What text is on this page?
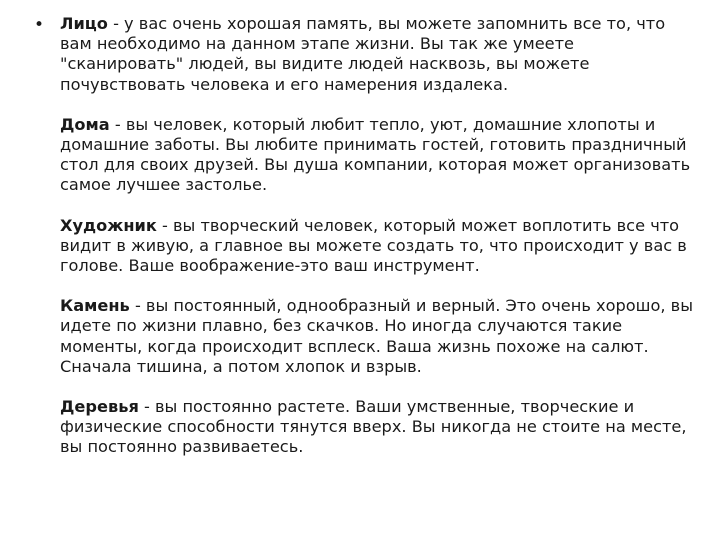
• Лицо - у вас очень хорошая память, вы можете запомнить все то, что вам необходимо на данном этапе жизни. Вы так же умеете "сканировать" людей, вы видите людей насквозь, вы можете почувствовать человека и его намерения издалека.

Дома - вы человек, который любит тепло, уют, домашние хлопоты и домашние заботы. Вы любите принимать гостей, готовить праздничный стол для своих друзей. Вы душа компании, которая может организовать самое лучшее застолье.

Художник - вы творческий человек, который может воплотить все что видит в живую, а главное вы можете создать то, что происходит у вас в голове. Ваше воображение-это ваш инструмент.

Камень - вы постоянный, однообразный и верный. Это очень хорошо, вы идете по жизни плавно, без скачков. Но иногда случаются такие моменты, когда происходит всплеск. Ваша жизнь похоже на салют. Сначала тишина, а потом хлопок и взрыв.

Деревья - вы постоянно растете. Ваши умственные, творческие и физические способности тянутся вверх. Вы никогда не стоите на месте, вы постоянно развиваетесь.
